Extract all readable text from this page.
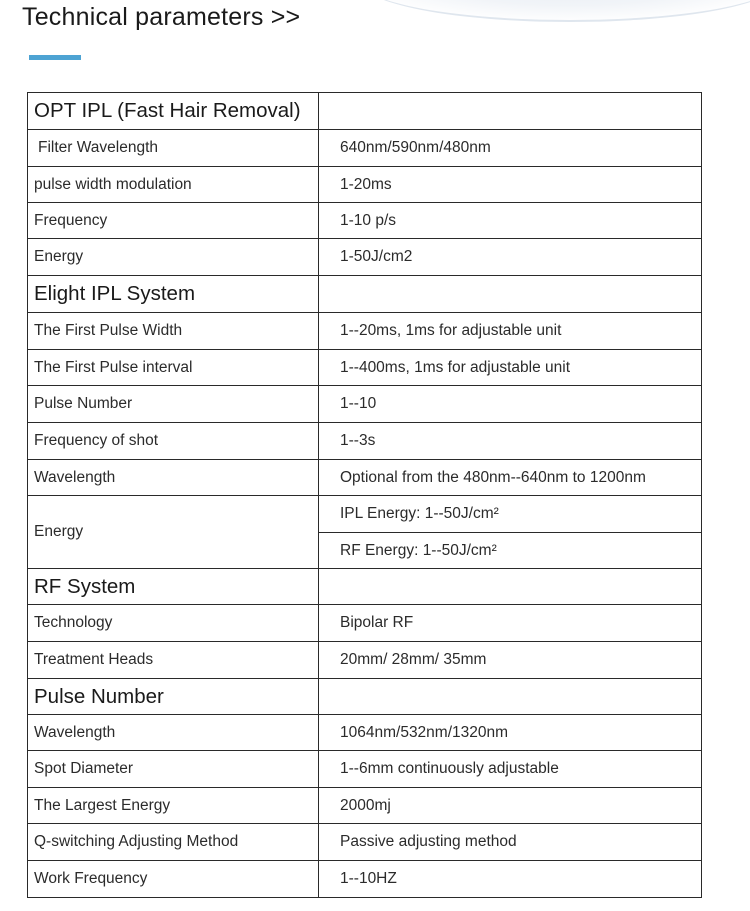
Technical parameters >>
OPT IPL (Fast Hair Removal)	
Filter Wavelength	640nm/590nm/480nm
pulse width modulation	1-20ms
Frequency	1-10 p/s
Energy	1-50J/cm2
Elight IPL System	
The First Pulse Width	1--20ms, 1ms for adjustable unit
The First Pulse interval	1--400ms, 1ms for adjustable unit
Pulse Number	1--10
Frequency of shot	1--3s
Wavelength	Optional from the 480nm--640nm to 1200nm
Energy	IPL Energy: 1--50J/cm²
	RF Energy: 1--50J/cm²
RF System	
Technology	Bipolar RF
Treatment Heads	20mm/ 28mm/ 35mm
Pulse Number	
Wavelength	1064nm/532nm/1320nm
Spot Diameter	1--6mm continuously adjustable
The Largest Energy	2000mj
Q-switching Adjusting Method	Passive adjusting method
Work Frequency	1--10HZ
